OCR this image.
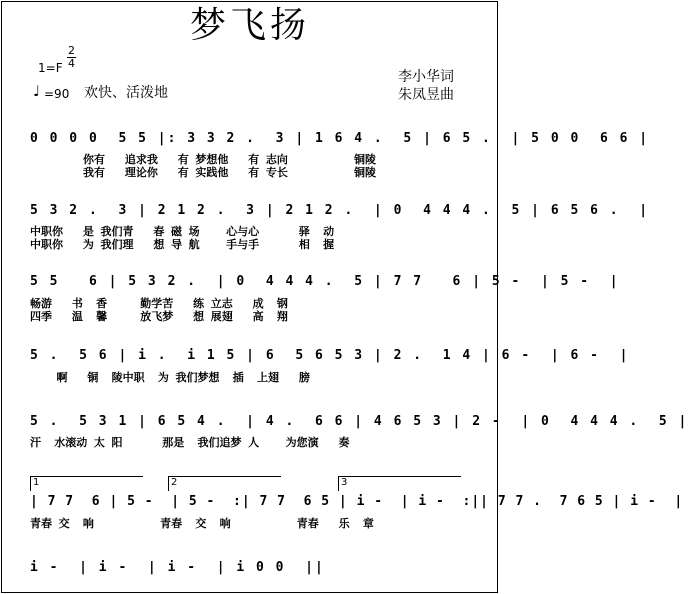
梦飞扬
$1=F \frac{2}{4}$
♩ =90 欢快、活泼地
李小华词
朱凤昱曲
0 0 0 0  5 5 |: 3 3 2 .  3 | 1 6 4 .  5 | 6 5 .  | 5 0 0  6 6 |
你有   追求我   有 梦想他   有 志向          铜陵
我有   理论你   有 实践他   有 专长          铜陵
5 3 2 .  3 | 2 1 2 .  3 | 2 1 2 .  | 0  4 4 4 .  5 | 6 5 6 .  |
中职你   是 我们青   春 磁 场    心与心      驿  动
中职你   为 我们理   想 导 航    手与手      相  握
5 5   6 | 5 3 2 .  | 0  4 4 4 .  5 | 7 7   6 | 5 -  | 5 -  |
畅游   书  香     勤学苦   练 立志   成  钢
四季   温  馨     放飞梦   想 展翅   高  翔
5 .  5 6 | i .  i 1 5 | 6  5 6 5 3 | 2 .  1 4 | 6 -  | 6 -  |
啊   铜  陵中职  为 我们梦想  插  上翅   膀
5 .  5 3 1 | 6 5 4 .  | 4 .  6 6 | 4 6 5 3 | 2 -  | 0  4 4 4 .  5 |
汗  水滚动 太 阳      那是  我们追梦 人    为您演   奏
1	2	3
| 7 7  6 | 5 -  | 5 -  :| 7 7  6 5 | i -  | i -  :|| 7 7 .  7 6 5 | i -  |
青春 交  响          青春  交  响          青春   乐  章
i -  | i -  | i -  | i 0 0  ||
